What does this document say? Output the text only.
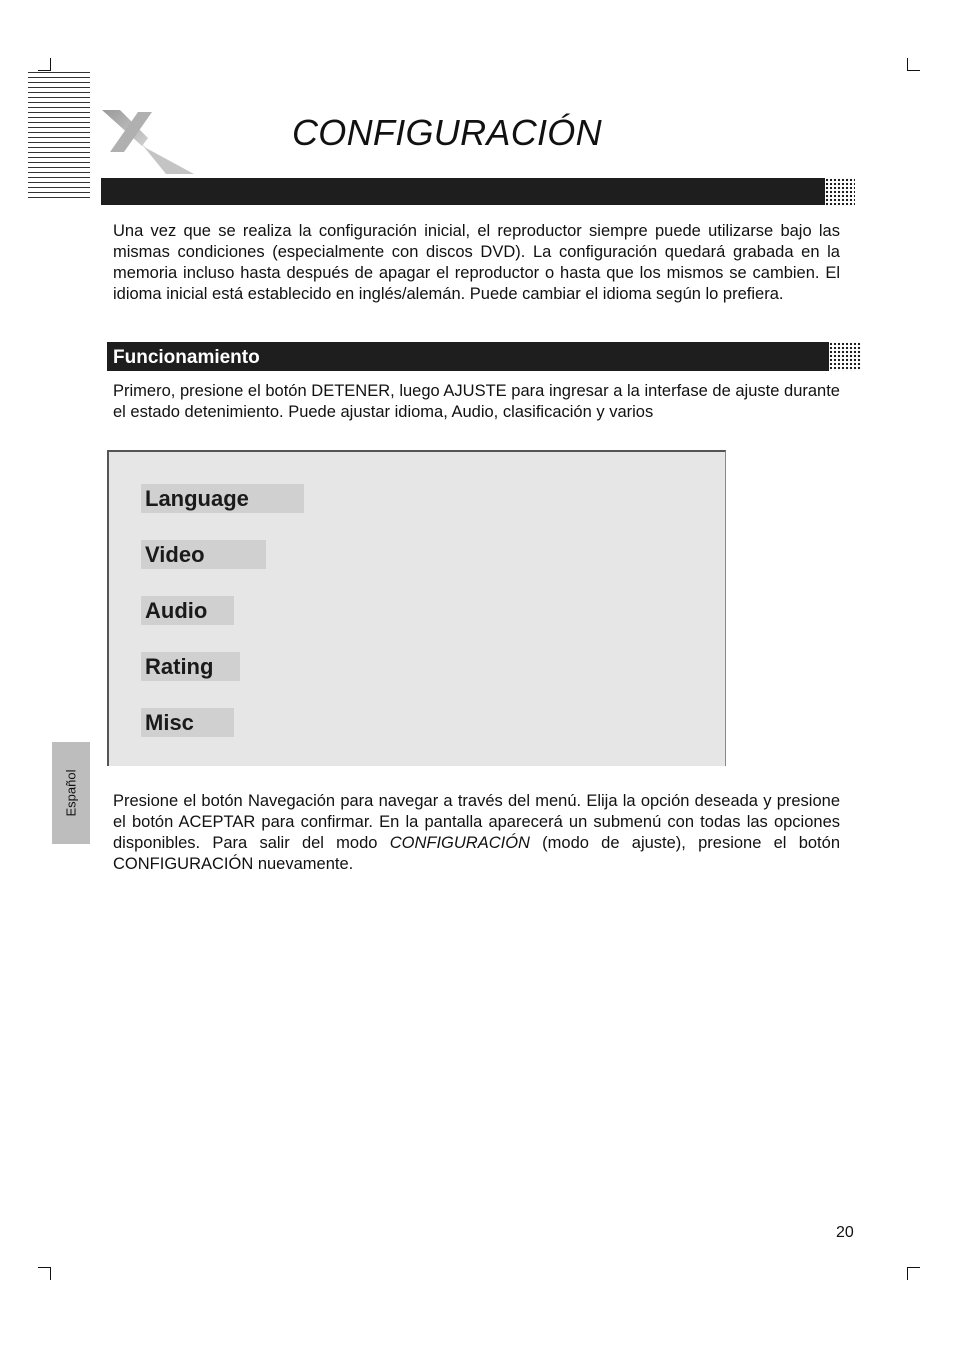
CONFIGURACIÓN
Una vez que se realiza la configuración inicial, el reproductor siempre puede utilizarse bajo las mismas condiciones (especialmente con discos DVD). La configuración quedará grabada en la memoria incluso hasta después de apagar el reproductor o hasta que los mismos se cambien. El idioma inicial está establecido en inglés/alemán. Puede cambiar el idioma según lo prefiera.
Funcionamiento
Primero, presione el botón DETENER, luego AJUSTE para ingresar a la interfase de ajuste durante el estado detenimiento. Puede ajustar idioma, Audio, clasificación y varios
Language
Video
Audio
Rating
Misc
Español Presione el botón Navegación para navegar a través del menú. Elija la opción deseada y presione el botón ACEPTAR para confirmar. En la pantalla aparecerá un submenú con todas las opciones disponibles. Para salir del modo CONFIGURACIÓN (modo de ajuste), presione el botón CONFIGURACIÓN nuevamente.
20
